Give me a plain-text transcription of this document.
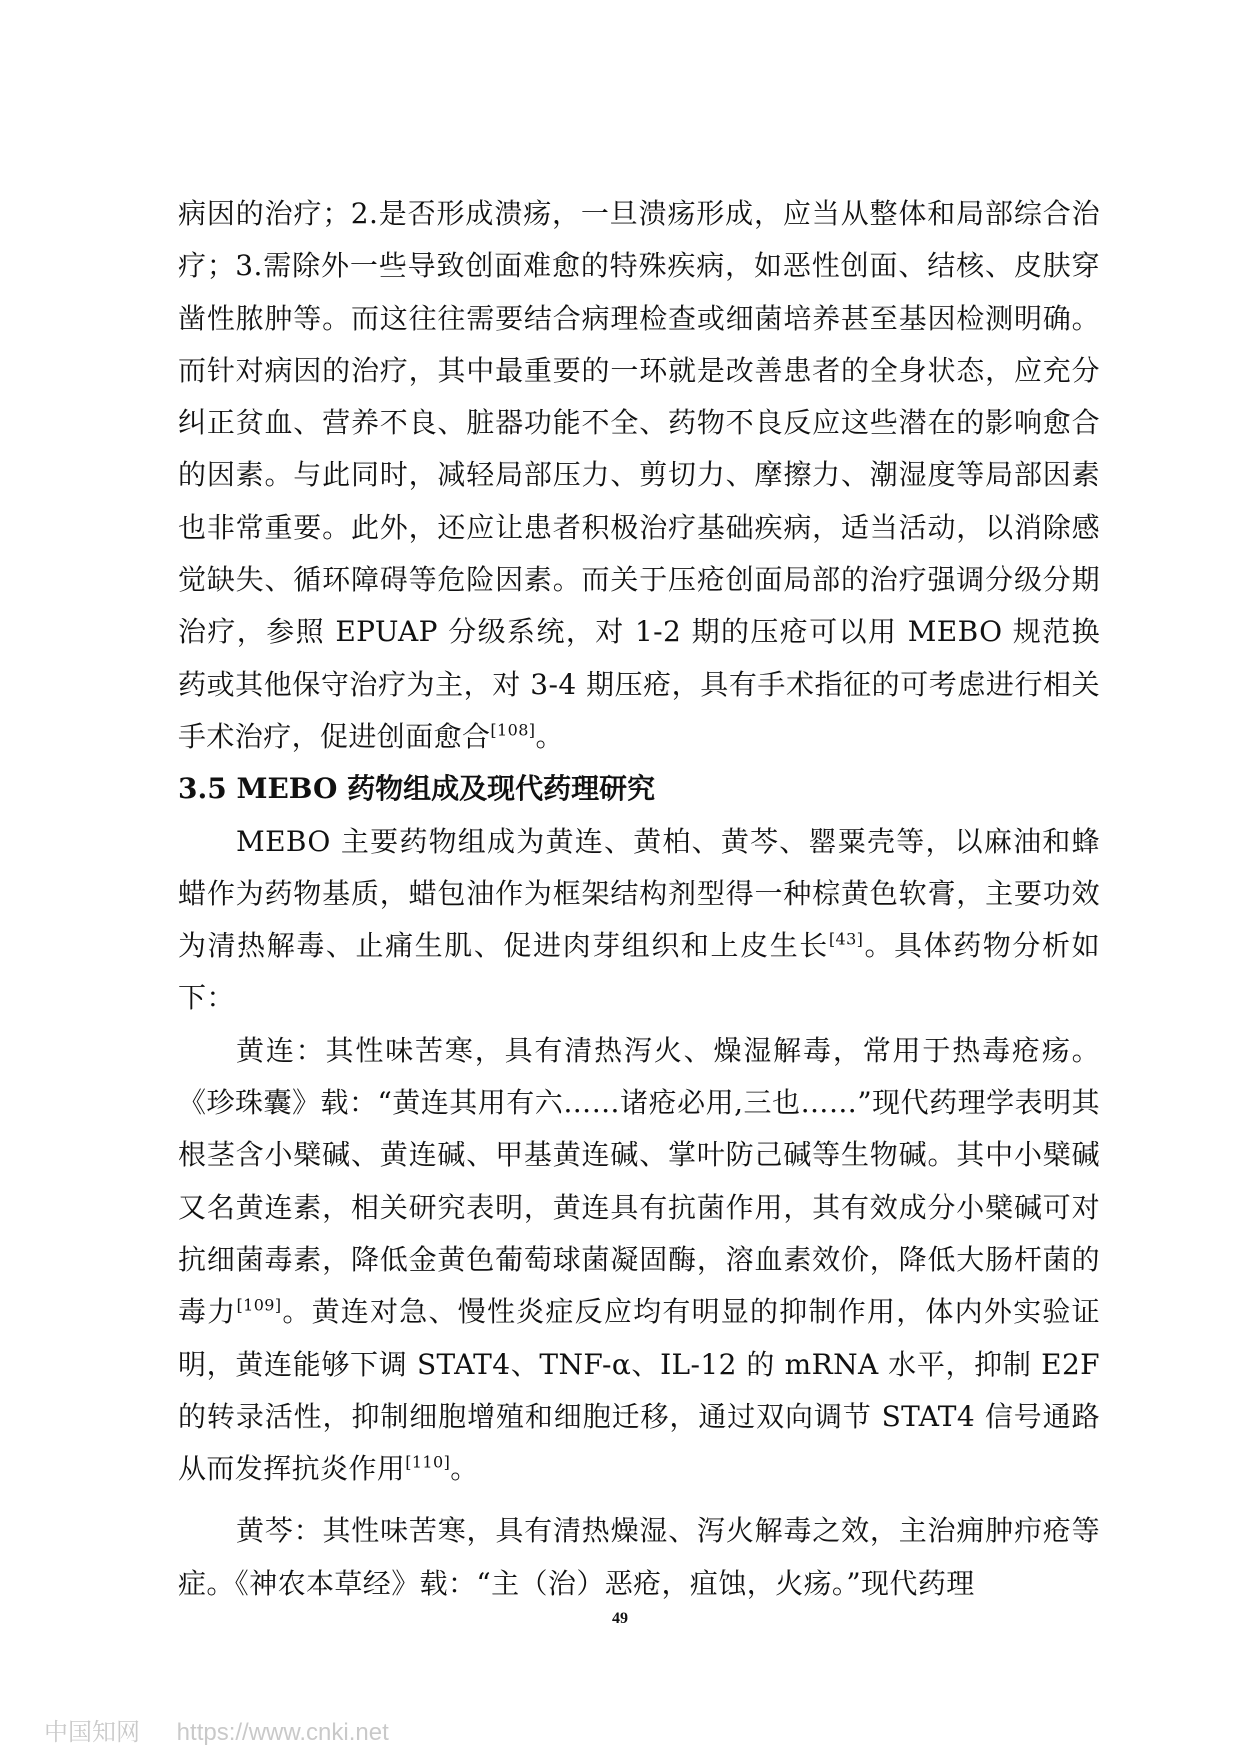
病因的治疗；2.是否形成溃疡，一旦溃疡形成，应当从整体和局部综合治疗；3.需除外一些导致创面难愈的特殊疾病，如恶性创面、结核、皮肤穿凿性脓肿等。而这往往需要结合病理检查或细菌培养甚至基因检测明确。而针对病因的治疗，其中最重要的一环就是改善患者的全身状态，应充分纠正贫血、营养不良、脏器功能不全、药物不良反应这些潜在的影响愈合的因素。与此同时，减轻局部压力、剪切力、摩擦力、潮湿度等局部因素也非常重要。此外，还应让患者积极治疗基础疾病，适当活动，以消除感觉缺失、循环障碍等危险因素。而关于压疮创面局部的治疗强调分级分期治疗，参照 EPUAP 分级系统，对 1-2 期的压疮可以用 MEBO 规范换药或其他保守治疗为主，对 3-4 期压疮，具有手术指征的可考虑进行相关手术治疗，促进创面愈合[108]。

3.5 MEBO 药物组成及现代药理研究

MEBO 主要药物组成为黄连、黄柏、黄芩、罂粟壳等，以麻油和蜂蜡作为药物基质，蜡包油作为框架结构剂型得一种棕黄色软膏，主要功效为清热解毒、止痛生肌、促进肉芽组织和上皮生长[43]。具体药物分析如下：

黄连：其性味苦寒，具有清热泻火、燥湿解毒，常用于热毒疮疡。《珍珠囊》载：“黄连其用有六……诸疮必用,三也……”现代药理学表明其根茎含小檗碱、黄连碱、甲基黄连碱、掌叶防己碱等生物碱。其中小檗碱又名黄连素，相关研究表明，黄连具有抗菌作用，其有效成分小檗碱可对抗细菌毒素，降低金黄色葡萄球菌凝固酶，溶血素效价，降低大肠杆菌的毒力[109]。黄连对急、慢性炎症反应均有明显的抑制作用，体内外实验证明，黄连能够下调 STAT4、TNF-α、IL-12 的 mRNA 水平，抑制 E2F 的转录活性，抑制细胞增殖和细胞迁移，通过双向调节 STAT4 信号通路从而发挥抗炎作用[110]。

黄芩：其性味苦寒，具有清热燥湿、泻火解毒之效，主治痈肿疖疮等症。《神农本草经》载：“主（治）恶疮，疽蚀，火疡。”现代药理

49
中国知网 https://www.cnki.net
